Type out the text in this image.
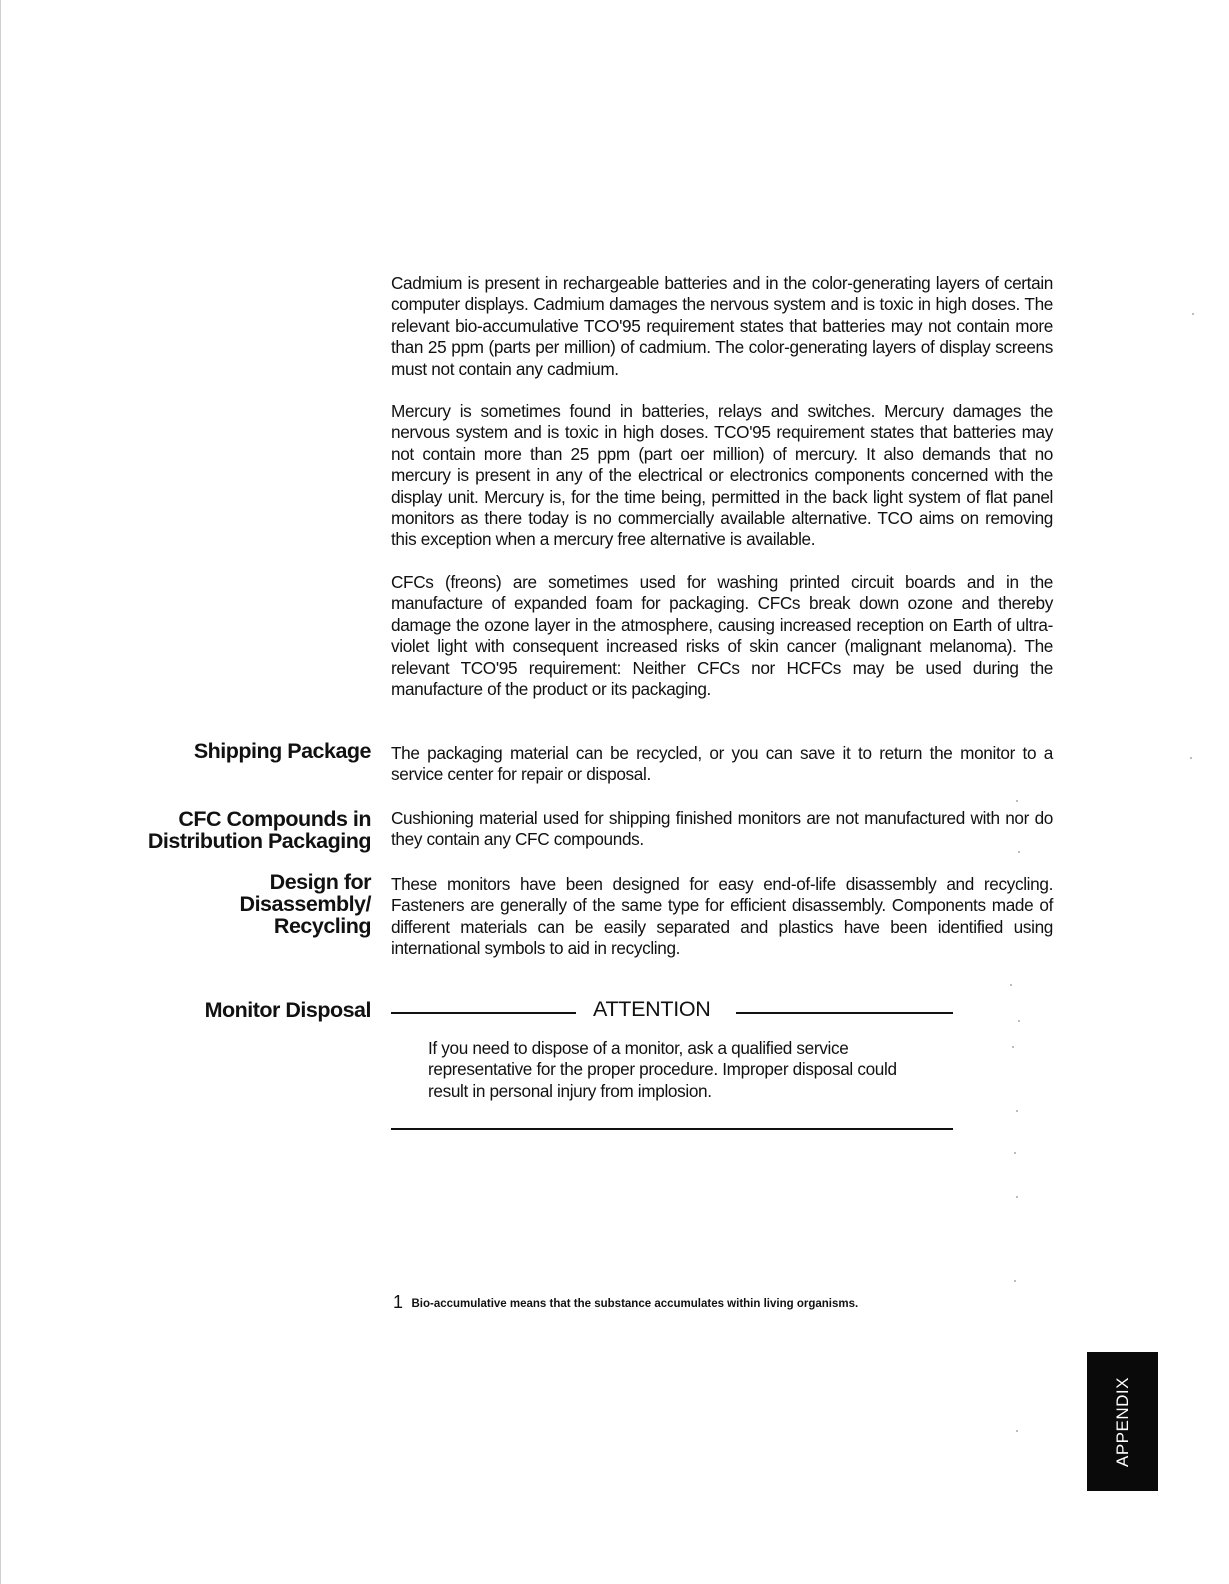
Cadmium is present in rechargeable batteries and in the color-generating layers of certain computer displays. Cadmium damages the nervous system and is toxic in high doses. The relevant bio-accumulative TCO'95 requirement states that batteries may not contain more than 25 ppm (parts per million) of cadmium. The color-generating layers of display screens must not contain any cadmium.

Mercury is sometimes found in batteries, relays and switches. Mercury damages the nervous system and is toxic in high doses. TCO'95 requirement states that batteries may not contain more than 25 ppm (part oer million) of mercury. It also demands that no mercury is present in any of the electrical or electronics components concerned with the display unit. Mercury is, for the time being, permitted in the back light system of flat panel monitors as there today is no commercially available alternative. TCO aims on removing this exception when a mercury free alternative is available.

CFCs (freons) are sometimes used for washing printed circuit boards and in the manufacture of expanded foam for packaging. CFCs break down ozone and thereby damage the ozone layer in the atmosphere, causing increased reception on Earth of ultra-violet light with consequent increased risks of skin cancer (malignant melanoma). The relevant TCO'95 requirement: Neither CFCs nor HCFCs may be used during the manufacture of the product or its packaging.

Shipping Package The packaging material can be recycled, or you can save it to return the monitor to a service center for repair or disposal.

CFC Compounds in
Distribution Packaging

Cushioning material used for shipping finished monitors are not manufactured with nor do they contain any CFC compounds.

Design for
Disassembly/
Recycling

These monitors have been designed for easy end-of-life disassembly and recycling. Fasteners are generally of the same type for efficient disassembly. Components made of different materials can be easily separated and plastics have been identified using international symbols to aid in recycling.

Monitor Disposal	ATTENTION

If you need to dispose of a monitor, ask a qualified service representative for the proper procedure. Improper disposal could result in personal injury from implosion.

1 Bio-accumulative means that the substance accumulates within living organisms.
APPENDIX
